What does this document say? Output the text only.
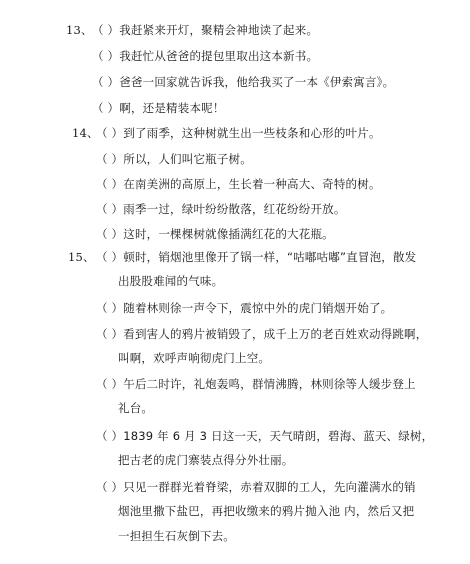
13、 （ ）我赶紧来开灯，聚精会神地读了起来。
（ ）我赶忙从爸爸的提包里取出这本新书。
（ ）爸爸一回家就告诉我，他给我买了一本《伊索寓言》。
（ ）啊，还是精装本呢！
14、
（ ）到了雨季，这种树就生出一些枝条和心形的叶片。
（ ）所以，人们叫它瓶子树。
（ ）在南美洲的高原上，生长着一种高大、奇特的树。
（ ）雨季一过，绿叶纷纷散落，红花纷纷开放。
（ ）这时，一棵棵树就像插满红花的大花瓶。
15、 （ ）顿时，销烟池里像开了锅一样，“咕嘟咕嘟”直冒泡，散发
出股股难闻的气味。
（ ）随着林则徐一声令下，震惊中外的虎门销烟开始了。
（ ）看到害人的鸦片被销毁了，成千上万的老百姓欢动得跳啊，
叫啊，欢呼声响彻虎门上空。
（ ）午后二时许，礼炮轰鸣，群情沸腾，林则徐等人缓步登上
礼台。
（ ）1839 年 6 月 3 日这一天，天气晴朗，碧海、蓝天、绿树，
把古老的虎门寨装点得分外壮丽。
（ ）只见一群群光着脊梁，赤着双脚的工人，先向灌满水的销
烟池里撒下盐巴，再把收缴来的鸦片抛入池 内，然后又把
一担担生石灰倒下去。
